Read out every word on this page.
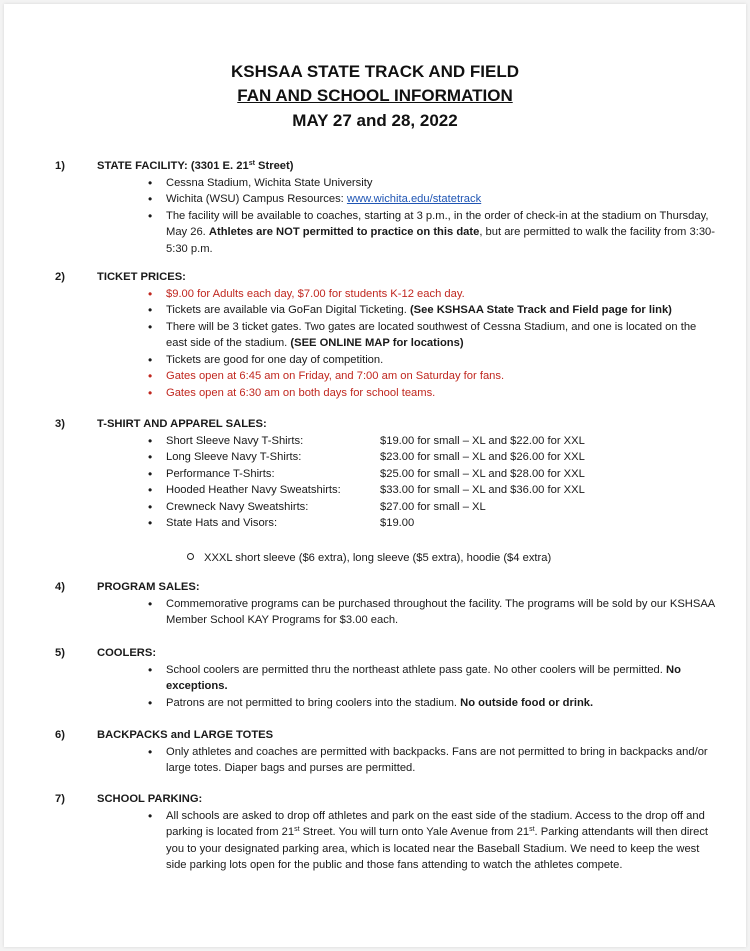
KSHSAA STATE TRACK AND FIELD
FAN AND SCHOOL INFORMATION
MAY 27 and 28, 2022
1)	STATE FACILITY: (3301 E. 21st Street)
• Cessna Stadium, Wichita State University
• Wichita (WSU) Campus Resources: www.wichita.edu/statetrack
• The facility will be available to coaches, starting at 3 p.m., in the order of check-in at the stadium on Thursday, May 26. Athletes are NOT permitted to practice on this date, but are permitted to walk the facility from 3:30-5:30 p.m.
2)	TICKET PRICES:
• $9.00 for Adults each day, $7.00 for students K-12 each day.
• Tickets are available via GoFan Digital Ticketing. (See KSHSAA State Track and Field page for link)
• There will be 3 ticket gates. Two gates are located southwest of Cessna Stadium, and one is located on the east side of the stadium. (SEE ONLINE MAP for locations)
• Tickets are good for one day of competition.
• Gates open at 6:45 am on Friday, and 7:00 am on Saturday for fans.
• Gates open at 6:30 am on both days for school teams.
3)	T-SHIRT AND APPAREL SALES:
• Short Sleeve Navy T-Shirts:	$19.00 for small – XL and $22.00 for XXL
• Long Sleeve Navy T-Shirts:	$23.00 for small – XL and $26.00 for XXL
• Performance T-Shirts:	$25.00 for small – XL and $28.00 for XXL
• Hooded Heather Navy Sweatshirts:	$33.00 for small – XL and $36.00 for XXL
• Crewneck Navy Sweatshirts:	$27.00 for small – XL
• State Hats and Visors:	$19.00
XXXL short sleeve ($6 extra), long sleeve ($5 extra), hoodie ($4 extra)
4)	PROGRAM SALES:
• Commemorative programs can be purchased throughout the facility. The programs will be sold by our KSHSAA Member School KAY Programs for $3.00 each.
5)	COOLERS:
• School coolers are permitted thru the northeast athlete pass gate. No other coolers will be permitted. No exceptions.
• Patrons are not permitted to bring coolers into the stadium. No outside food or drink.
6)	BACKPACKS and LARGE TOTES
• Only athletes and coaches are permitted with backpacks. Fans are not permitted to bring in backpacks and/or large totes. Diaper bags and purses are permitted.
7)	SCHOOL PARKING:
• All schools are asked to drop off athletes and park on the east side of the stadium. Access to the drop off and parking is located from 21st Street. You will turn onto Yale Avenue from 21st. Parking attendants will then direct you to your designated parking area, which is located near the Baseball Stadium. We need to keep the west side parking lots open for the public and those fans attending to watch the athletes compete.
